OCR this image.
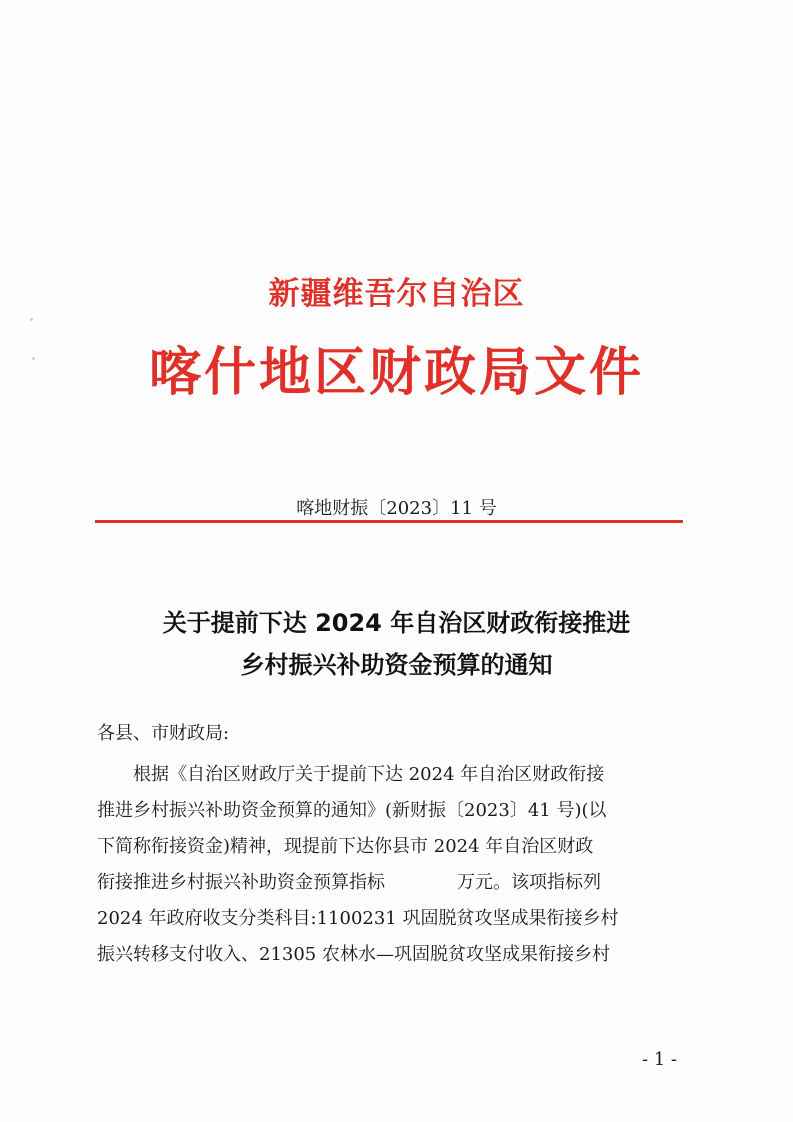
新疆维吾尔自治区
喀什地区财政局文件
喀地财振〔2023〕11 号
关于提前下达 2024 年自治区财政衔接推进
乡村振兴补助资金预算的通知
各县、市财政局:
　　根据《自治区财政厅关于提前下达 2024 年自治区财政衔接
推进乡村振兴补助资金预算的通知》(新财振〔2023〕41 号)(以
下简称衔接资金)精神，现提前下达你县市 2024 年自治区财政
衔接推进乡村振兴补助资金预算指标　　　　万元。该项指标列
2024 年政府收支分类科目:1100231 巩固脱贫攻坚成果衔接乡村
振兴转移支付收入、21305 农林水—巩固脱贫攻坚成果衔接乡村
- 1 -
